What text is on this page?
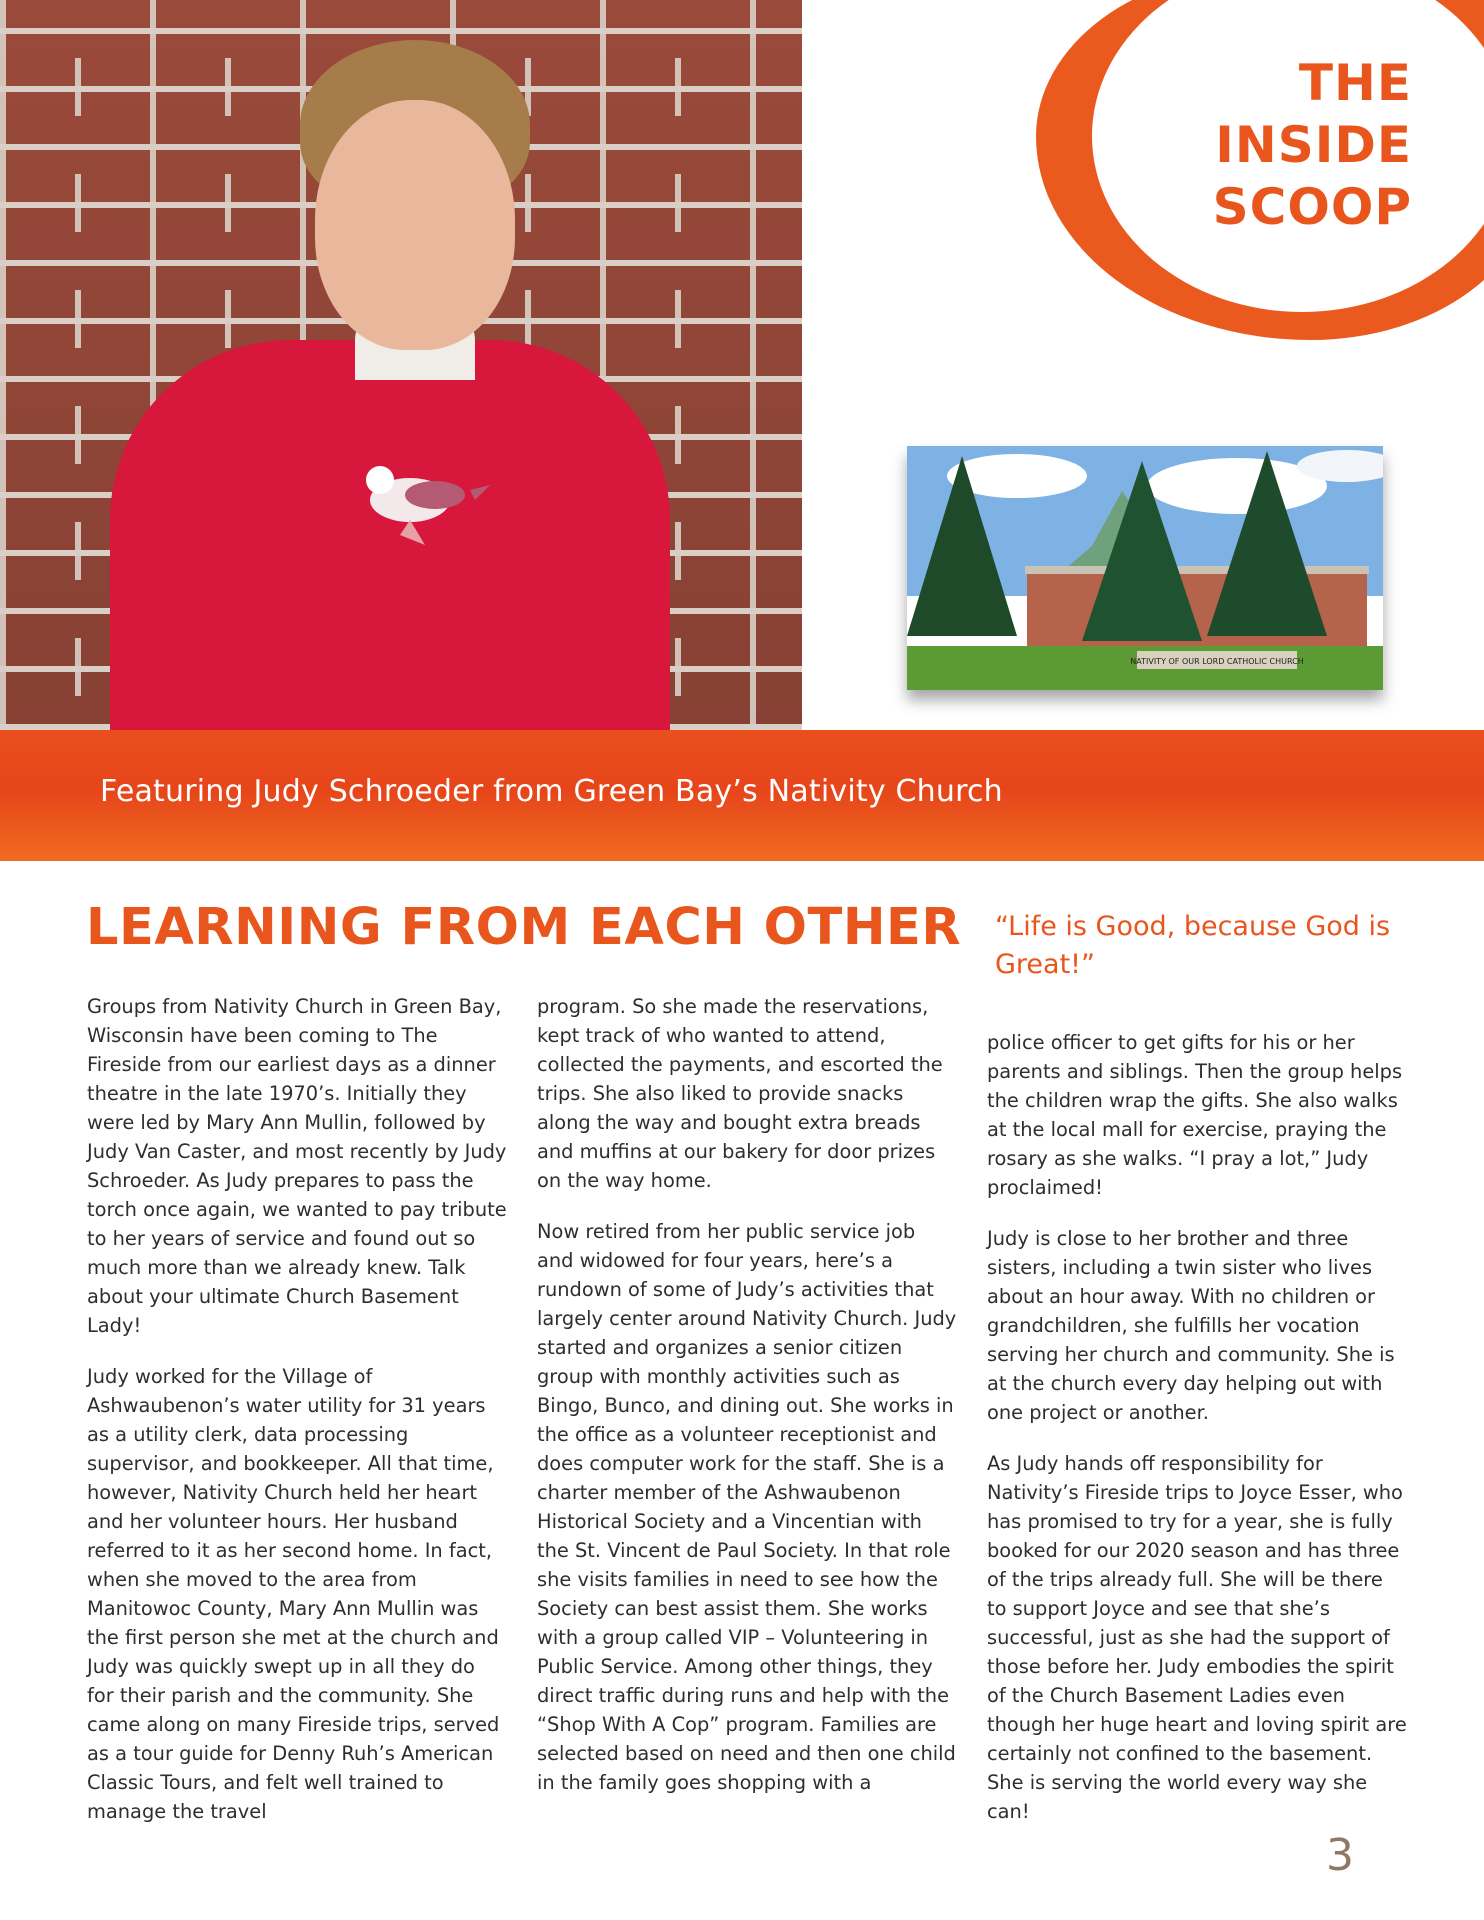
THE
INSIDE
SCOOP
NATIVITY OF OUR LORD CATHOLIC CHURCH
Featuring Judy Schroeder from Green Bay’s Nativity Church
LEARNING FROM EACH OTHER “Life is Good, because God is Great!”

Groups from Nativity Church in Green Bay, Wisconsin have been coming to The Fireside from our earliest days as a dinner theatre in the late 1970’s. Initially they were led by Mary Ann Mullin, followed by Judy Van Caster, and most recently by Judy Schroeder. As Judy prepares to pass the torch once again, we wanted to pay tribute to her years of service and found out so much more than we already knew. Talk about your ultimate Church Basement Lady!

Judy worked for the Village of Ashwaubenon’s water utility for 31 years as a utility clerk, data processing supervisor, and bookkeeper. All that time, however, Nativity Church held her heart and her volunteer hours. Her husband referred to it as her second home. In fact, when she moved to the area from Manitowoc County, Mary Ann Mullin was the first person she met at the church and Judy was quickly swept up in all they do for their parish and the community. She came along on many Fireside trips, served as a tour guide for Denny Ruh’s American Classic Tours, and felt well trained to manage the travel

program. So she made the reservations, kept track of who wanted to attend, collected the payments, and escorted the trips. She also liked to provide snacks along the way and bought extra breads and muffins at our bakery for door prizes on the way home.

Now retired from her public service job and widowed for four years, here’s a rundown of some of Judy’s activities that largely center around Nativity Church. Judy started and organizes a senior citizen group with monthly activities such as Bingo, Bunco, and dining out. She works in the office as a volunteer receptionist and does computer work for the staff. She is a charter member of the Ashwaubenon Historical Society and a Vincentian with the St. Vincent de Paul Society. In that role she visits families in need to see how the Society can best assist them. She works with a group called VIP – Volunteering in Public Service. Among other things, they direct traffic during runs and help with the “Shop With A Cop” program. Families are selected based on need and then one child in the family goes shopping with a

police officer to get gifts for his or her parents and siblings. Then the group helps the children wrap the gifts. She also walks at the local mall for exercise, praying the rosary as she walks. “I pray a lot,” Judy proclaimed!

Judy is close to her brother and three sisters, including a twin sister who lives about an hour away. With no children or grandchildren, she fulfills her vocation serving her church and community. She is at the church every day helping out with one project or another.

As Judy hands off responsibility for Nativity’s Fireside trips to Joyce Esser, who has promised to try for a year, she is fully booked for our 2020 season and has three of the trips already full. She will be there to support Joyce and see that she’s successful, just as she had the support of those before her. Judy embodies the spirit of the Church Basement Ladies even though her huge heart and loving spirit are certainly not confined to the basement. She is serving the world every way she can!

3
